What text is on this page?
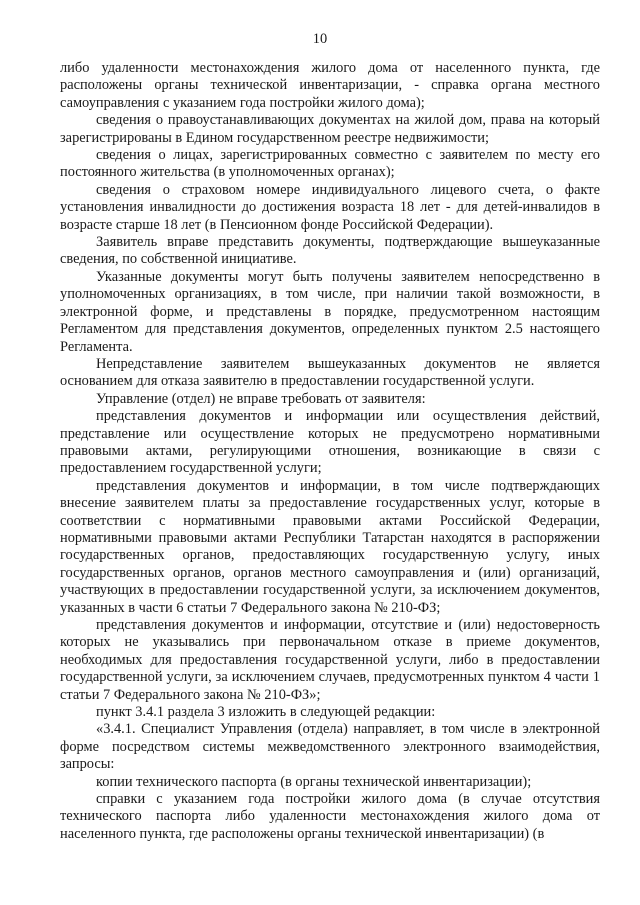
10

либо удаленности местонахождения жилого дома от населенного пункта, где расположены органы технической инвентаризации, - справка органа местного самоуправления с указанием года постройки жилого дома);

сведения о правоустанавливающих документах на жилой дом, права на который зарегистрированы в Едином государственном реестре недвижимости;

сведения о лицах, зарегистрированных совместно с заявителем по месту его постоянного жительства (в уполномоченных органах);

сведения о страховом номере индивидуального лицевого счета, о факте установления инвалидности до достижения возраста 18 лет - для детей-инвалидов в возрасте старше 18 лет (в Пенсионном фонде Российской Федерации).

Заявитель вправе представить документы, подтверждающие вышеуказанные сведения, по собственной инициативе.

Указанные документы могут быть получены заявителем непосредственно в уполномоченных организациях, в том числе, при наличии такой возможности, в электронной форме, и представлены в порядке, предусмотренном настоящим Регламентом для представления документов, определенных пунктом 2.5 настоящего Регламента.

Непредставление заявителем вышеуказанных документов не является основанием для отказа заявителю в предоставлении государственной услуги.

Управление (отдел) не вправе требовать от заявителя:

представления документов и информации или осуществления действий, представление или осуществление которых не предусмотрено нормативными правовыми актами, регулирующими отношения, возникающие в связи с предоставлением государственной услуги;

представления документов и информации, в том числе подтверждающих внесение заявителем платы за предоставление государственных услуг, которые в соответствии с нормативными правовыми актами Российской Федерации, нормативными правовыми актами Республики Татарстан находятся в распоряжении государственных органов, предоставляющих государственную услугу, иных государственных органов, органов местного самоуправления и (или) организаций, участвующих в предоставлении государственной услуги, за исключением документов, указанных в части 6 статьи 7 Федерального закона № 210-ФЗ;

представления документов и информации, отсутствие и (или) недостоверность которых не указывались при первоначальном отказе в приеме документов, необходимых для предоставления государственной услуги, либо в предоставлении государственной услуги, за исключением случаев, предусмотренных пунктом 4 части 1 статьи 7 Федерального закона № 210-ФЗ»;

пункт 3.4.1 раздела 3 изложить в следующей редакции:

«3.4.1. Специалист Управления (отдела) направляет, в том числе в электронной форме посредством системы межведомственного электронного взаимодействия, запросы:

копии технического паспорта (в органы технической инвентаризации);

справки с указанием года постройки жилого дома (в случае отсутствия технического паспорта либо удаленности местонахождения жилого дома от населенного пункта, где расположены органы технической инвентаризации) (в
